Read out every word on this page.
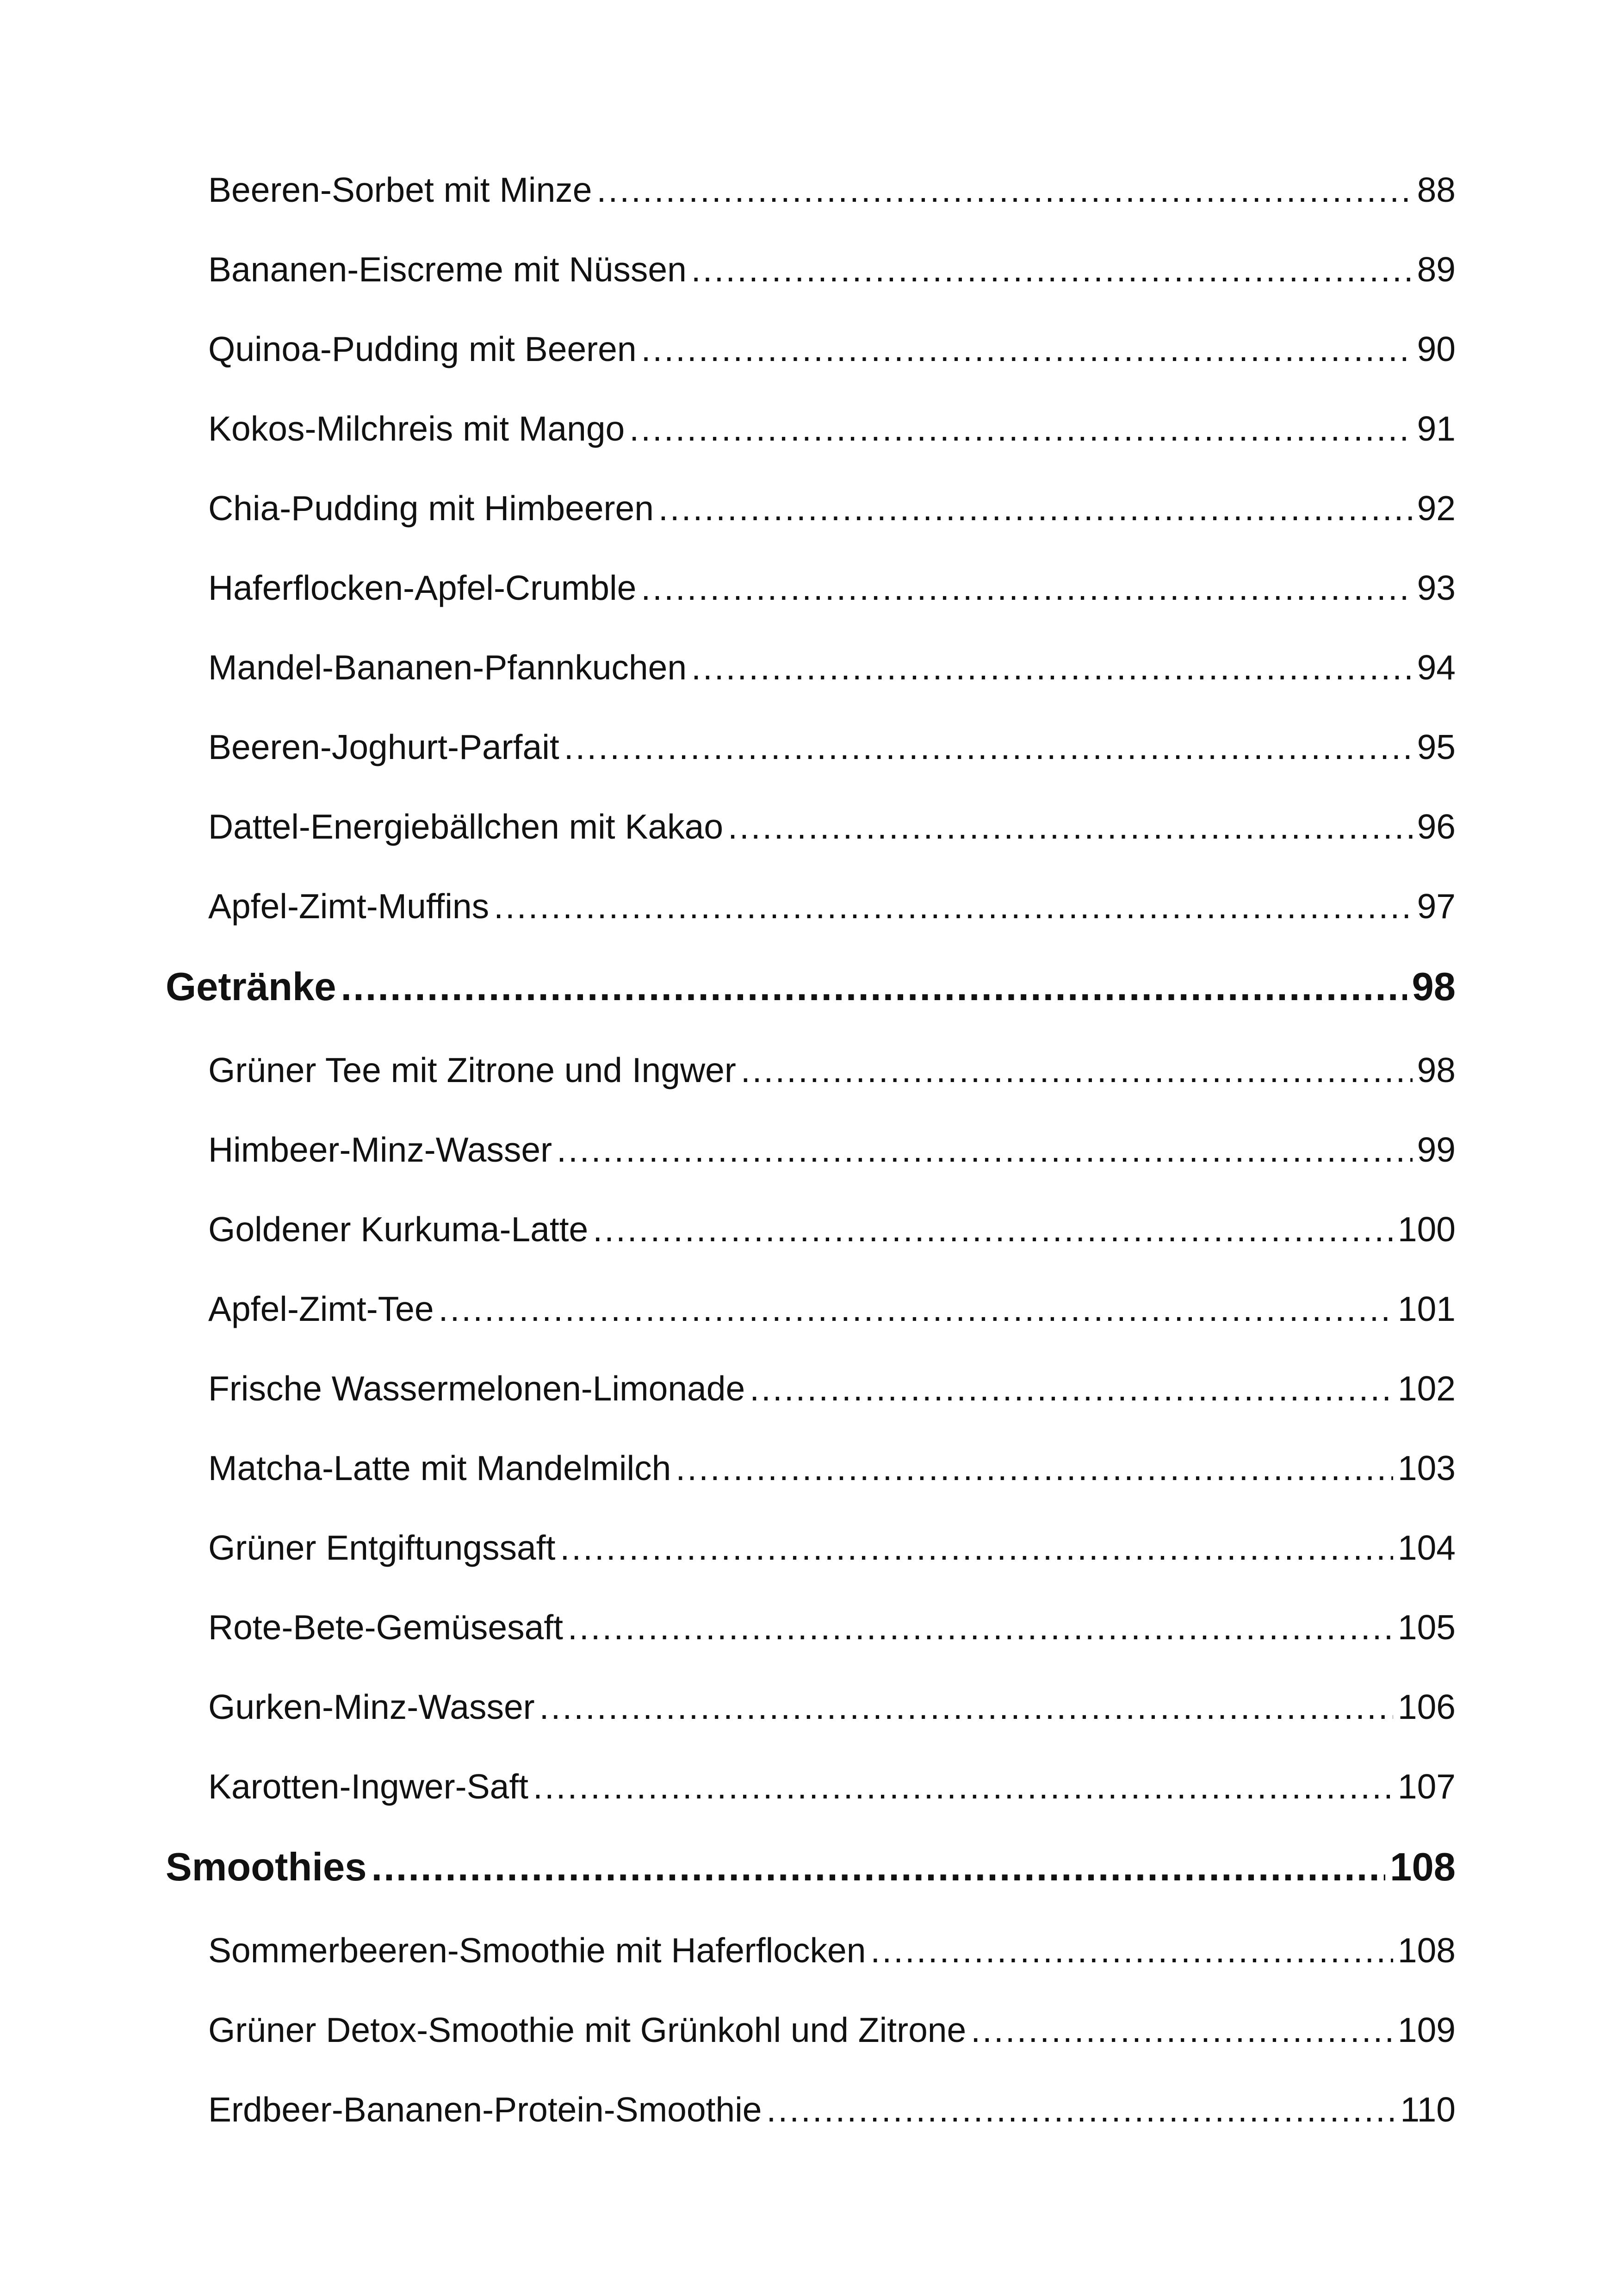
Beeren-Sorbet mit Minze .....	88
Bananen-Eiscreme mit Nüssen .....	89
Quinoa-Pudding mit Beeren .....	90
Kokos-Milchreis mit Mango .....	91
Chia-Pudding mit Himbeeren .....	92
Haferflocken-Apfel-Crumble .....	93
Mandel-Bananen-Pfannkuchen .....	94
Beeren-Joghurt-Parfait .....	95
Dattel-Energiebällchen mit Kakao .....	96
Apfel-Zimt-Muffins .....	97
Getränke .....	98
Grüner Tee mit Zitrone und Ingwer .....	98
Himbeer-Minz-Wasser .....	99
Goldener Kurkuma-Latte .....	100
Apfel-Zimt-Tee .....	101
Frische Wassermelonen-Limonade .....	102
Matcha-Latte mit Mandelmilch .....	103
Grüner Entgiftungssaft .....	104
Rote-Bete-Gemüsesaft .....	105
Gurken-Minz-Wasser .....	106
Karotten-Ingwer-Saft .....	107
Smoothies .....	108
Sommerbeeren-Smoothie mit Haferflocken .....	108
Grüner Detox-Smoothie mit Grünkohl und Zitrone .....	109
Erdbeer-Bananen-Protein-Smoothie .....	110
